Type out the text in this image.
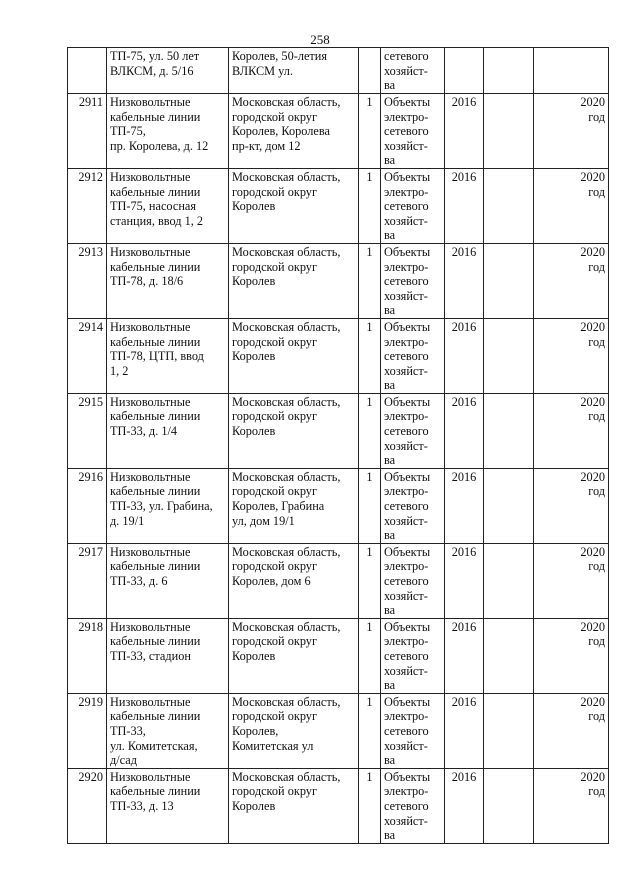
258

	ТП-75, ул. 50 лет
ВЛКСМ, д. 5/16	Королев, 50-летия
ВЛКСМ ул.		сетевого
хозяйст-
ва			

2911	Низковольтные
кабельные линии
ТП-75,
пр. Королева, д. 12	Московская область,
городской округ
Королев, Королева
пр-кт, дом 12	1	Объекты
электро-
сетевого
хозяйст-
ва	2016		2020
год

2912	Низковольтные
кабельные линии
ТП-75, насосная
станция, ввод 1, 2	Московская область,
городской округ
Королев	1	Объекты
электро-
сетевого
хозяйст-
ва	2016		2020
год

2913	Низковольтные
кабельные линии
ТП-78, д. 18/6	Московская область,
городской округ
Королев	1	Объекты
электро-
сетевого
хозяйст-
ва	2016		2020
год

2914	Низковольтные
кабельные линии
ТП-78, ЦТП, ввод
1, 2	Московская область,
городской округ
Королев	1	Объекты
электро-
сетевого
хозяйст-
ва	2016		2020
год

2915	Низковольтные
кабельные линии
ТП-33, д. 1/4	Московская область,
городской округ
Королев	1	Объекты
электро-
сетевого
хозяйст-
ва	2016		2020
год

2916	Низковольтные
кабельные линии
ТП-33, ул. Грабина,
д. 19/1	Московская область,
городской округ
Королев, Грабина
ул, дом 19/1	1	Объекты
электро-
сетевого
хозяйст-
ва	2016		2020
год

2917	Низковольтные
кабельные линии
ТП-33, д. 6	Московская область,
городской округ
Королев, дом 6	1	Объекты
электро-
сетевого
хозяйст-
ва	2016		2020
год

2918	Низковольтные
кабельные линии
ТП-33, стадион	Московская область,
городской округ
Королев	1	Объекты
электро-
сетевого
хозяйст-
ва	2016		2020
год

2919	Низковольтные
кабельные линии
ТП-33,
ул. Комитетская,
д/сад	Московская область,
городской округ
Королев,
Комитетская ул	1	Объекты
электро-
сетевого
хозяйст-
ва	2016		2020
год

2920	Низковольтные
кабельные линии
ТП-33, д. 13	Московская область,
городской округ
Королев	1	Объекты
электро-
сетевого
хозяйст-
ва	2016		2020
год
